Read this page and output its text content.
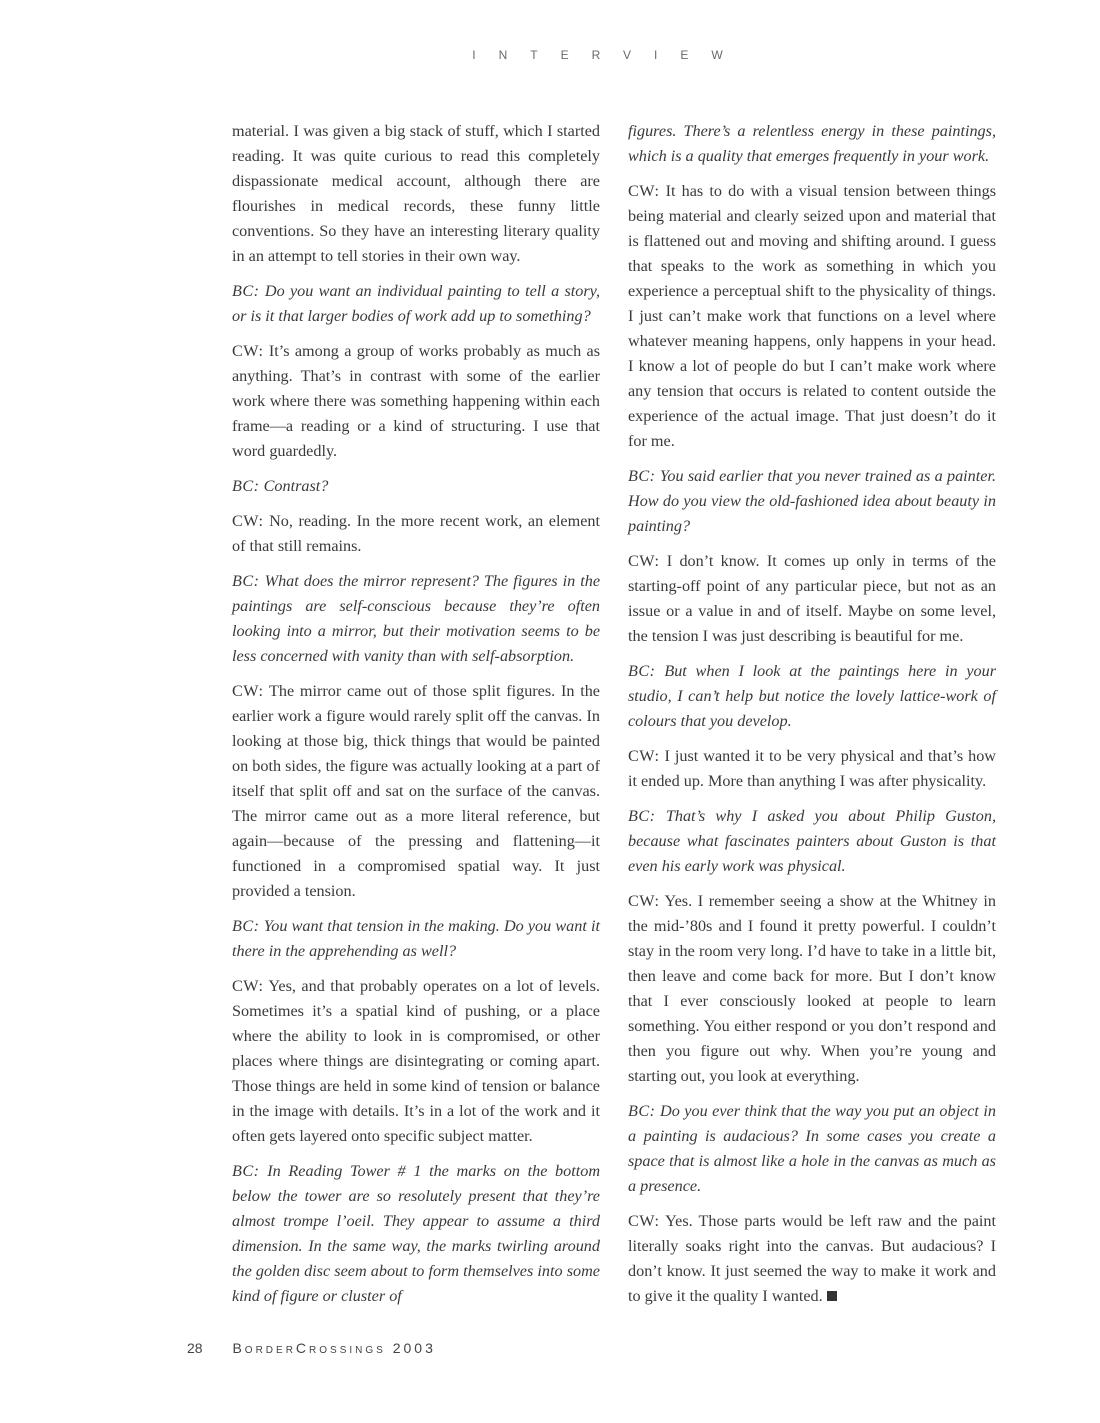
INTERVIEW

material. I was given a big stack of stuff, which I started reading. It was quite curious to read this completely dispassionate medical account, although there are flourishes in medical records, these funny little conventions. So they have an interesting literary quality in an attempt to tell stories in their own way.

BC: Do you want an individual painting to tell a story, or is it that larger bodies of work add up to something?

CW: It’s among a group of works probably as much as anything. That’s in contrast with some of the earlier work where there was something happening within each frame—a reading or a kind of structuring. I use that word guardedly.

BC: Contrast?

CW: No, reading. In the more recent work, an element of that still remains.

BC: What does the mirror represent? The figures in the paintings are self-conscious because they’re often looking into a mirror, but their motivation seems to be less concerned with vanity than with self-absorption.

CW: The mirror came out of those split figures. In the earlier work a figure would rarely split off the canvas. In looking at those big, thick things that would be painted on both sides, the figure was actually looking at a part of itself that split off and sat on the surface of the canvas. The mirror came out as a more literal reference, but again—because of the pressing and flattening—it functioned in a compromised spatial way. It just provided a tension.

BC: You want that tension in the making. Do you want it there in the apprehending as well?

CW: Yes, and that probably operates on a lot of levels. Sometimes it’s a spatial kind of pushing, or a place where the ability to look in is compromised, or other places where things are disintegrating or coming apart. Those things are held in some kind of tension or balance in the image with details. It’s in a lot of the work and it often gets layered onto specific subject matter.

BC: In Reading Tower # 1 the marks on the bottom below the tower are so resolutely present that they’re almost trompe l’oeil. They appear to assume a third dimension. In the same way, the marks twirling around the golden disc seem about to form themselves into some kind of figure or cluster of

figures. There’s a relentless energy in these paintings, which is a quality that emerges frequently in your work.

CW: It has to do with a visual tension between things being material and clearly seized upon and material that is flattened out and moving and shifting around. I guess that speaks to the work as something in which you experience a perceptual shift to the physicality of things. I just can’t make work that functions on a level where whatever meaning happens, only happens in your head. I know a lot of people do but I can’t make work where any tension that occurs is related to content outside the experience of the actual image. That just doesn’t do it for me.

BC: You said earlier that you never trained as a painter. How do you view the old-fashioned idea about beauty in painting?

CW: I don’t know. It comes up only in terms of the starting-off point of any particular piece, but not as an issue or a value in and of itself. Maybe on some level, the tension I was just describing is beautiful for me.

BC: But when I look at the paintings here in your studio, I can’t help but notice the lovely lattice-work of colours that you develop.

CW: I just wanted it to be very physical and that’s how it ended up. More than anything I was after physicality.

BC: That’s why I asked you about Philip Guston, because what fascinates painters about Guston is that even his early work was physical.

CW: Yes. I remember seeing a show at the Whitney in the mid-’80s and I found it pretty powerful. I couldn’t stay in the room very long. I’d have to take in a little bit, then leave and come back for more. But I don’t know that I ever consciously looked at people to learn something. You either respond or you don’t respond and then you figure out why. When you’re young and starting out, you look at everything.

BC: Do you ever think that the way you put an object in a painting is audacious? In some cases you create a space that is almost like a hole in the canvas as much as a presence.

CW: Yes. Those parts would be left raw and the paint literally soaks right into the canvas. But audacious? I don’t know. It just seemed the way to make it work and to give it the quality I wanted.

28 BorderCrossings 2003
